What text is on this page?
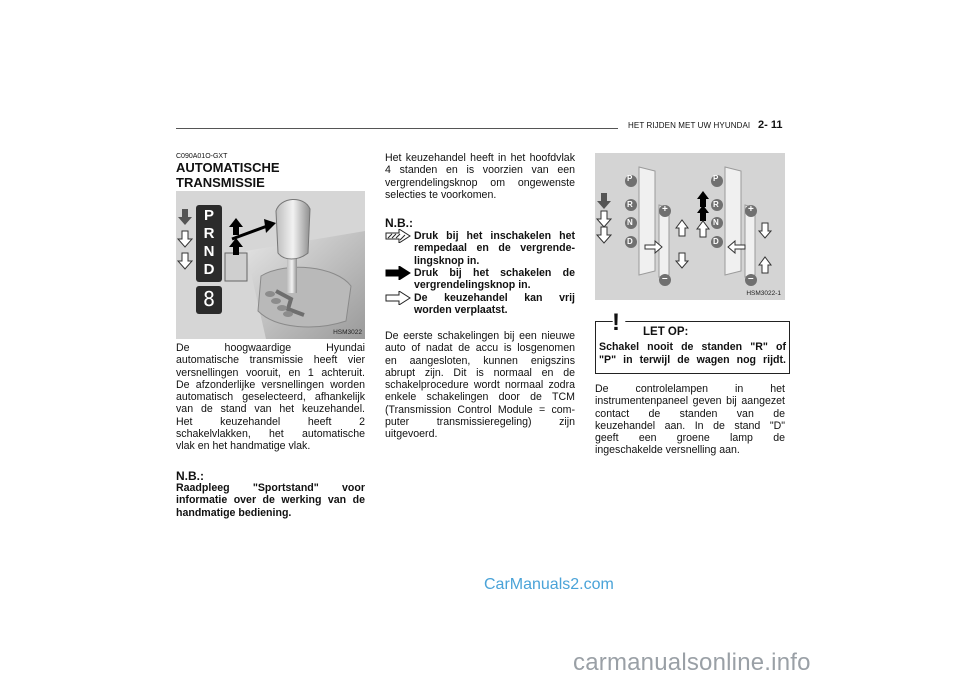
HET RIJDEN MET UW HYUNDAI 2- 11
C090A01O-GXT
AUTOMATISCHE TRANSMISSIE
P
R
N
D
8
HSM3022
De hoogwaardige Hyundai
automatische transmissie heeft vier
versnellingen vooruit, en 1 achteruit.
De afzonderlijke versnellingen worden
automatisch geselecteerd, afhankelijk
van de stand van het keuzehandel.
Het keuzehandel heeft 2
schakelvlakken, het automatische
vlak en het handmatige vlak.
N.B.:
Raadpleeg "Sportstand" voor
informatie over de werking van de
handmatige bediening.
Het keuzehandel heeft in het hoofdvlak
4 standen en is voorzien van een
vergrendelingsknop om ongewenste
selecties te voorkomen.
N.B.:
Druk bij het inschakelen het
rempedaal en de vergrende-
lingsknop in.
Druk bij het schakelen de
vergrendelingsknop in.
De keuzehandel kan vrij
worden verplaatst.
De eerste schakelingen bij een nieuwe
auto of nadat de accu is losgenomen
en aangesloten, kunnen enigszins
abrupt zijn. Dit is normaal en de
schakelprocedure wordt normaal zodra
enkele schakelingen door de TCM
(Transmission Control Module = com-
puter transmissieregeling) zijn
uitgevoerd.
P
R
N
D
+
–
P
R
N
D
+
–
HSM3022-1
! LET OP:
Schakel nooit de standen "R" of
"P" in terwijl de wagen nog rijdt.
De controlelampen in het
instrumentenpaneel geven bij aangezet
contact de standen van de
keuzehandel aan. In de stand "D"
geeft een groene lamp de
ingeschakelde versnelling aan.
CarManuals2.com
carmanualsonline.info
